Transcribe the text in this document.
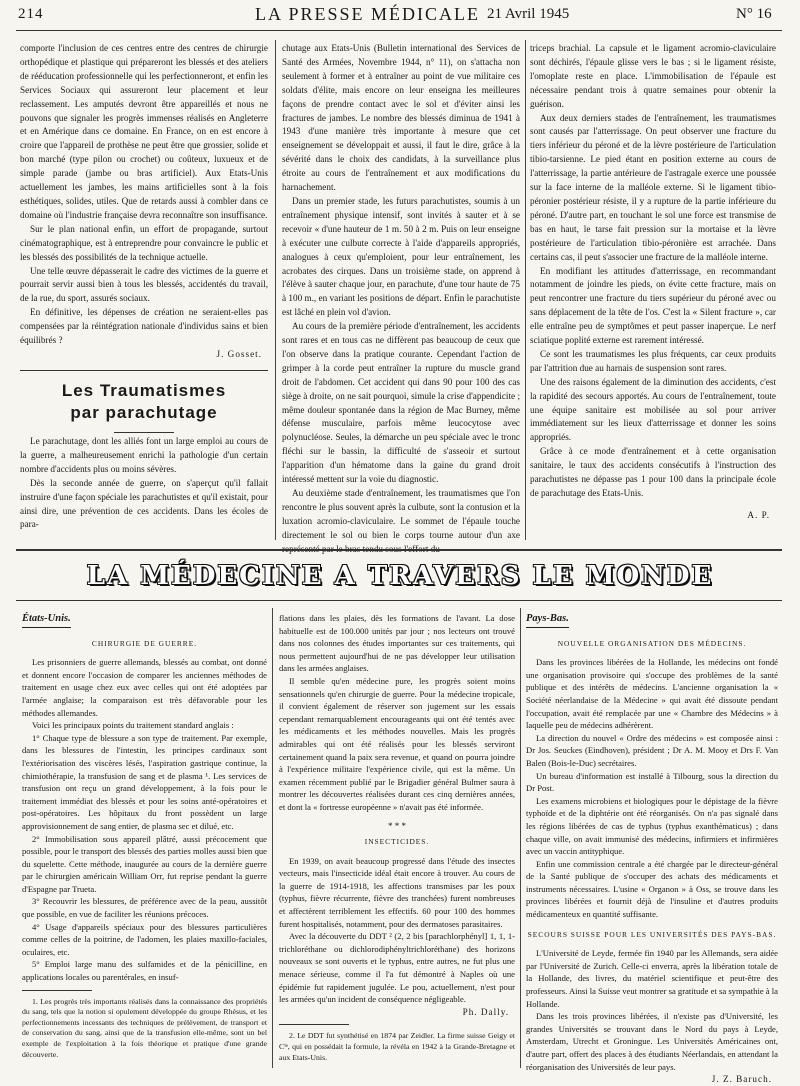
214	LA PRESSE MÉDICALE 21 Avril 1945	N° 16

comporte l'inclusion de ces centres entre des centres de chirurgie orthopédique et plastique qui prépareront les blessés et des ateliers de rééducation professionnelle qui les perfectionneront, et enfin les Services Sociaux qui assureront leur placement et leur reclassement. Les amputés devront être appareillés et nous ne pouvons que signaler les progrès immenses réalisés en Angleterre et en Amérique dans ce domaine. En France, on en est encore à croire que l'appareil de prothèse ne peut être que grossier, solide et bon marché (type pilon ou crochet) ou coûteux, luxueux et de simple parade (jambe ou bras artificiel). Aux Etats-Unis actuellement les jambes, les mains artificielles sont à la fois esthétiques, solides, utiles. Que de retards aussi à combler dans ce domaine où l'industrie française devra reconnaître son insuffisance.

Sur le plan national enfin, un effort de propagande, surtout cinématographique, est à entreprendre pour convaincre le public et les blessés des possibilités de la technique actuelle.

Une telle œuvre dépasserait le cadre des victimes de la guerre et pourrait servir aussi bien à tous les blessés, accidentés du travail, de la rue, du sport, assurés sociaux.

En définitive, les dépenses de création ne seraient-elles pas compensées par la réintégration nationale d'individus sains et bien équilibrés ?

J. Gosset.
Les Traumatismes
par parachutage

Le parachutage, dont les alliés font un large emploi au cours de la guerre, a malheureusement enrichi la pathologie d'un certain nombre d'accidents plus ou moins sévères.

Dès la seconde année de guerre, on s'aperçut qu'il fallait instruire d'une façon spéciale les parachutistes et qu'il existait, pour ainsi dire, une prévention de ces accidents. Dans les écoles de para-

chutage aux Etats-Unis (Bulletin international des Services de Santé des Armées, Novembre 1944, n° 11), on s'attacha non seulement à former et à entraîner au point de vue militaire ces soldats d'élite, mais encore on leur enseigna les meilleures façons de prendre contact avec le sol et d'éviter ainsi les fractures de jambes. Le nombre des blessés diminua de 1941 à 1943 d'une manière très importante à mesure que cet enseignement se développait et aussi, il faut le dire, grâce à la sévérité dans le choix des candidats, à la surveillance plus étroite au cours de l'entraînement et aux modifications du harnachement.

Dans un premier stade, les futurs parachutistes, soumis à un entraînement physique intensif, sont invités à sauter et à se recevoir « d'une hauteur de 1 m. 50 à 2 m. Puis on leur enseigne à exécuter une culbute correcte à l'aide d'appareils appropriés, analogues à ceux qu'emploient, pour leur entraînement, les acrobates des cirques. Dans un troisième stade, on apprend à l'élève à sauter chaque jour, en parachute, d'une tour haute de 75 à 100 m., en variant les positions de départ. Enfin le parachutiste est lâché en plein vol d'avion.

Au cours de la première période d'entraînement, les accidents sont rares et en tous cas ne diffèrent pas beaucoup de ceux que l'on observe dans la pratique courante. Cependant l'action de grimper à la corde peut entraîner la rupture du muscle grand droit de l'abdomen. Cet accident qui dans 90 pour 100 des cas siège à droite, on ne sait pourquoi, simule la crise d'appendicite ; même douleur spontanée dans la région de Mac Burney, même défense musculaire, parfois même leucocytose avec polynucléose. Seules, la démarche un peu spéciale avec le tronc fléchi sur le bassin, la difficulté de s'asseoir et surtout l'apparition d'un hématome dans la gaine du grand droit intéressé mettent sur la voie du diagnostic.

Au deuxième stade d'entraînement, les traumatismes que l'on rencontre le plus souvent après la culbute, sont la contusion et la luxation acromio-claviculaire. Le sommet de l'épaule touche directement le sol ou bien le corps tourne autour d'un axe représenté par le bras tendu sous l'effort du

triceps brachial. La capsule et le ligament acromio-claviculaire sont déchirés, l'épaule glisse vers le bas ; si le ligament résiste, l'omoplate reste en place. L'immobilisation de l'épaule est nécessaire pendant trois à quatre semaines pour obtenir la guérison.

Aux deux derniers stades de l'entraînement, les traumatismes sont causés par l'atterrissage. On peut observer une fracture du tiers inférieur du péroné et de la lèvre postérieure de l'articulation tibio-tarsienne. Le pied étant en position externe au cours de l'atterrissage, la partie antérieure de l'astragale exerce une poussée sur la face interne de la malléole externe. Si le ligament tibio-péronier postérieur résiste, il y a rupture de la partie inférieure du péroné. D'autre part, en touchant le sol une force est transmise de bas en haut, le tarse fait pression sur la mortaise et la lèvre postérieure de l'articulation tibio-péronière est arrachée. Dans certains cas, il peut s'associer une fracture de la malléole interne.

En modifiant les attitudes d'atterrissage, en recommandant notamment de joindre les pieds, on évite cette fracture, mais on peut rencontrer une fracture du tiers supérieur du péroné avec ou sans déplacement de la tête de l'os. C'est la « Silent fracture », car elle entraîne peu de symptômes et peut passer inaperçue. Le nerf sciatique poplité externe est rarement intéressé.

Ce sont les traumatismes les plus fréquents, car ceux produits par l'attrition due au harnais de suspension sont rares.

Une des raisons également de la diminution des accidents, c'est la rapidité des secours apportés. Au cours de l'entraînement, toute une équipe sanitaire est mobilisée au sol pour arriver immédiatement sur les lieux d'atterrissage et donner les soins appropriés.

Grâce à ce mode d'entraînement et à cette organisation sanitaire, le taux des accidents consécutifs à l'instruction des parachutistes ne dépasse pas 1 pour 100 dans la principale école de parachutage des Etats-Unis.

A. P.
LA MÉDECINE A TRAVERS LE MONDE
États-Unis.
CHIRURGIE DE GUERRE.

Les prisonniers de guerre allemands, blessés au combat, ont donné et donnent encore l'occasion de comparer les anciennes méthodes de traitement en usage chez eux avec celles qui ont été adoptées par l'armée anglaise; la comparaison est très défavorable pour les méthodes allemandes.

Voici les principaux points du traitement standard anglais :

1° Chaque type de blessure a son type de traitement. Par exemple, dans les blessures de l'intestin, les principes cardinaux sont l'extériorisation des viscères lésés, l'aspiration gastrique continue, la chimiothérapie, la transfusion de sang et de plasma ¹. Les services de transfusion ont reçu un grand développement, à la fois pour le traitement immédiat des blessés et pour les soins anté-opératoires et post-opératoires. Les hôpitaux du front possèdent un large approvisionnement de sang entier, de plasma sec et dilué, etc.

2° Immobilisation sous appareil plâtré, aussi précocement que possible, pour le transport des blessés des parties molles aussi bien que du squelette. Cette méthode, inaugurée au cours de la dernière guerre par le chirurgien américain William Orr, fut reprise pendant la guerre d'Espagne par Trueta.

3° Recouvrir les blessures, de préférence avec de la peau, aussitôt que possible, en vue de faciliter les réunions précoces.

4° Usage d'appareils spéciaux pour des blessures particulières comme celles de la poitrine, de l'adomen, les plaies maxillo-faciales, oculaires, etc.

5° Emploi large manu des sulfamides et de la pénicilline, en applications locales ou parentérales, en insuf-

1. Les progrès très importants réalisés dans la connaissance des propriétés du sang, tels que la notion si opulement développée du groupe Rhésus, et les perfectionnements incessants des techniques de prélèvement, de transport et de conservation du sang, ainsi que de la transfusion elle-même, sont un bel exemple de l'exploitation à la fois théorique et pratique d'une grande découverte.

flations dans les plaies, dès les formations de l'avant. La dose habituelle est de 100.000 unités par jour ; nos lecteurs ont trouvé dans nos colonnes des études importantes sur ces traitements, qui nous permettent aujourd'hui de ne pas développer leur utilisation dans les armées anglaises.

Il semble qu'en médecine pure, les progrès soient moins sensationnels qu'en chirurgie de guerre. Pour la médecine tropicale, il convient également de réserver son jugement sur les essais cependant remarquablement encourageants qui ont été tentés avec les médicaments et les méthodes nouvelles. Mais les progrès admirables qui ont été réalisés pour les blessés serviront certainement quand la paix sera revenue, et quand on pourra joindre à l'expérience militaire l'expérience civile, qui est la même. Un examen récemment publié par le Brigadier général Bulmer saura à montrer les découvertes réalisées durant ces cinq dernières années, et dont la « fortresse européenne » n'avait pas été informée.

* * *
INSECTICIDES.

En 1939, on avait beaucoup progressé dans l'étude des insectes vecteurs, mais l'insecticide idéal était encore à trouver. Au cours de la guerre de 1914-1918, les affections transmises par les poux (typhus, fièvre récurrente, fièvre des tranchées) furent nombreuses et affectèrent terriblement les effectifs. 60 pour 100 des hommes furent hospitalisés, notamment, pour des dermatoses parasitaires.

Avec la découverte du DDT ² (2, 2 bis [parachlorphényl] 1, 1, 1-trichloréthane ou dichlorodiphényltrichloréthane) des horizons nouveaux se sont ouverts et le typhus, entre autres, ne fut plus une menace sérieuse, comme il l'a fut démontré à Naples où une épidémie fut rapidement jugulée. Le pou, actuellement, n'est pour les armées qu'un incident de conséquence négligeable.

Ph. Dally.

2. Le DDT fut synthétisé en 1874 par Zeidler. La firme suisse Geigy et Cⁱᵉ, qui en possédait la formule, la révéla en 1942 à la Grande-Bretagne et aux Etats-Unis.

Pays-Bas.
NOUVELLE ORGANISATION DES MÉDECINS.

Dans les provinces libérées de la Hollande, les médecins ont fondé une organisation provisoire qui s'occupe des problèmes de la santé publique et des intérêts de médecins. L'ancienne organisation la « Société néerlandaise de la Médecine » qui avait été dissoute pendant l'occupation, avait été remplacée par une « Chambre des Médecins » à laquelle peu de médecins adhérèrent.

La direction du nouvel « Ordre des médecins » est composée ainsi : Dr Jos. Seuckes (Eindhoven), président ; Dr A. M. Mooy et Drs F. Van Balen (Bois-le-Duc) secrétaires.

Un bureau d'information est installé à Tilbourg, sous la direction du Dr Post.

Les examens microbiens et biologiques pour le dépistage de la fièvre typhoïde et de la diphtérie ont été réorganisés. On n'a pas signalé dans les régions libérées de cas de typhus (typhus exanthématicus) ; dans chaque ville, on avait immunisé des médecins, infirmiers et infirmières avec un vaccin antityphique.

Enfin une commission centrale a été chargée par le directeur-général de la Santé publique de s'occuper des achats des médicaments et instruments nécessaires. L'usine « Organon » à Oss, se trouve dans les provinces libérées et fournit déjà de l'insuline et d'autres produits médicamenteux en quantité suffisante.

SECOURS SUISSE POUR LES UNIVERSITÉS DES PAYS-BAS.

L'Université de Leyde, fermée fin 1940 par les Allemands, sera aidée par l'Université de Zurich. Celle-ci enverra, après la libération totale de la Hollande, des livres, du matériel scientifique et peut-être des professeurs. Ainsi la Suisse veut montrer sa gratitude et sa sympathie à la Hollande.

Dans les trois provinces libérées, il n'existe pas d'Université, les grandes Universités se trouvant dans le Nord du pays à Leyde, Amsterdam, Utrecht et Groningue. Les Universités Américaines ont, d'autre part, offert des places à des étudiants Néerlandais, en attendant la réorganisation des Universités de leur pays.

J. Z. Baruch.
